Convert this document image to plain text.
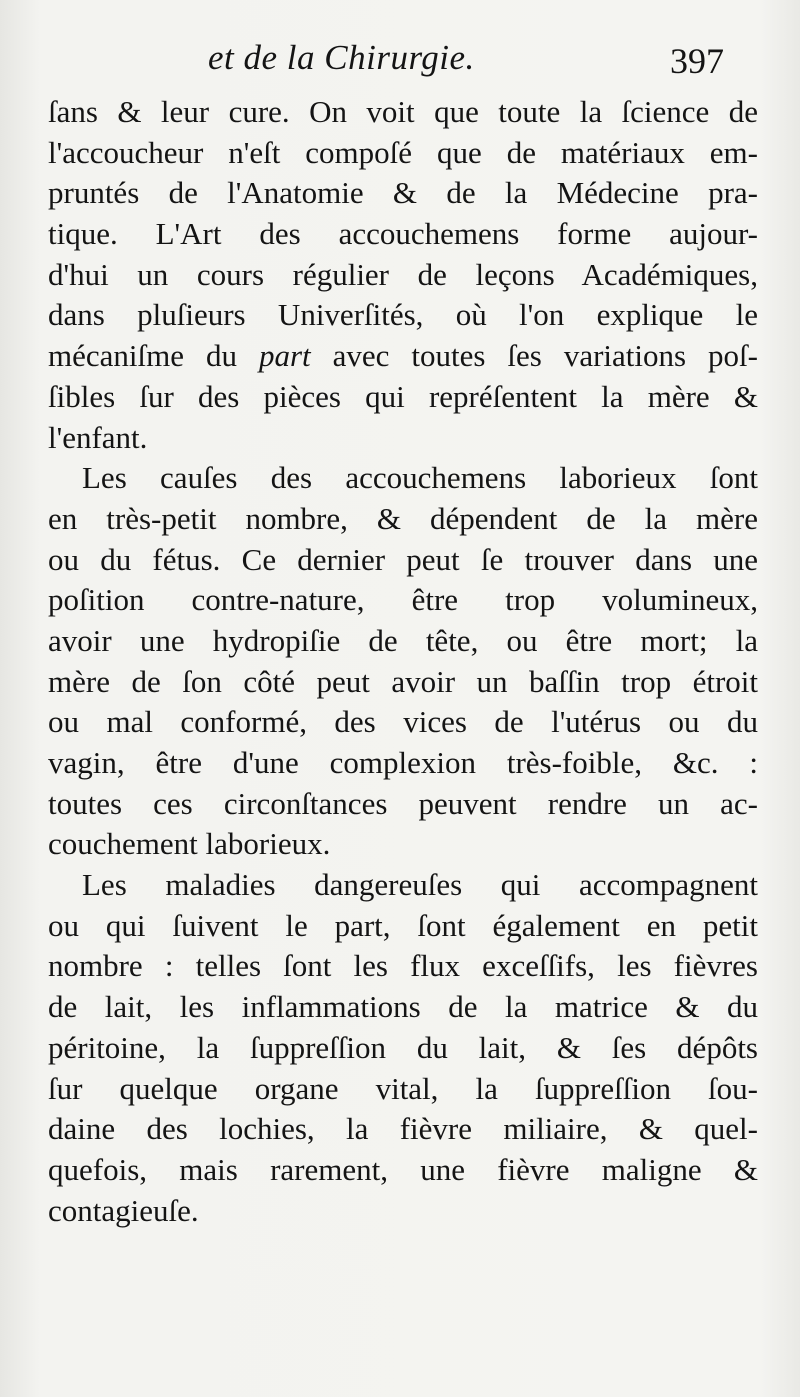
et de la Chirurgie.	397
ſans & leur cure. On voit que toute la ſcience de
l'accoucheur n'eſt compoſé que de matériaux em-
pruntés de l'Anatomie & de la Médecine pra-
tique. L'Art des accouchemens forme aujour-
d'hui un cours régulier de leçons Académiques,
dans pluſieurs Univerſités, où l'on explique le
mécaniſme du part avec toutes ſes variations poſ-
ſibles ſur des pièces qui repréſentent la mère &
l'enfant.
Les cauſes des accouchemens laborieux ſont
en très-petit nombre, & dépendent de la mère
ou du fétus. Ce dernier peut ſe trouver dans une
poſition contre-nature, être trop volumineux,
avoir une hydropiſie de tête, ou être mort; la
mère de ſon côté peut avoir un baſſin trop étroit
ou mal conformé, des vices de l'utérus ou du
vagin, être d'une complexion très-foible, &c. :
toutes ces circonſtances peuvent rendre un ac-
couchement laborieux.
Les maladies dangereuſes qui accompagnent
ou qui ſuivent le part, ſont également en petit
nombre : telles ſont les flux exceſſifs, les fièvres
de lait, les inflammations de la matrice & du
péritoine, la ſuppreſſion du lait, & ſes dépôts
ſur quelque organe vital, la ſuppreſſion ſou-
daine des lochies, la fièvre miliaire, & quel-
quefois, mais rarement, une fièvre maligne &
contagieuſe.
